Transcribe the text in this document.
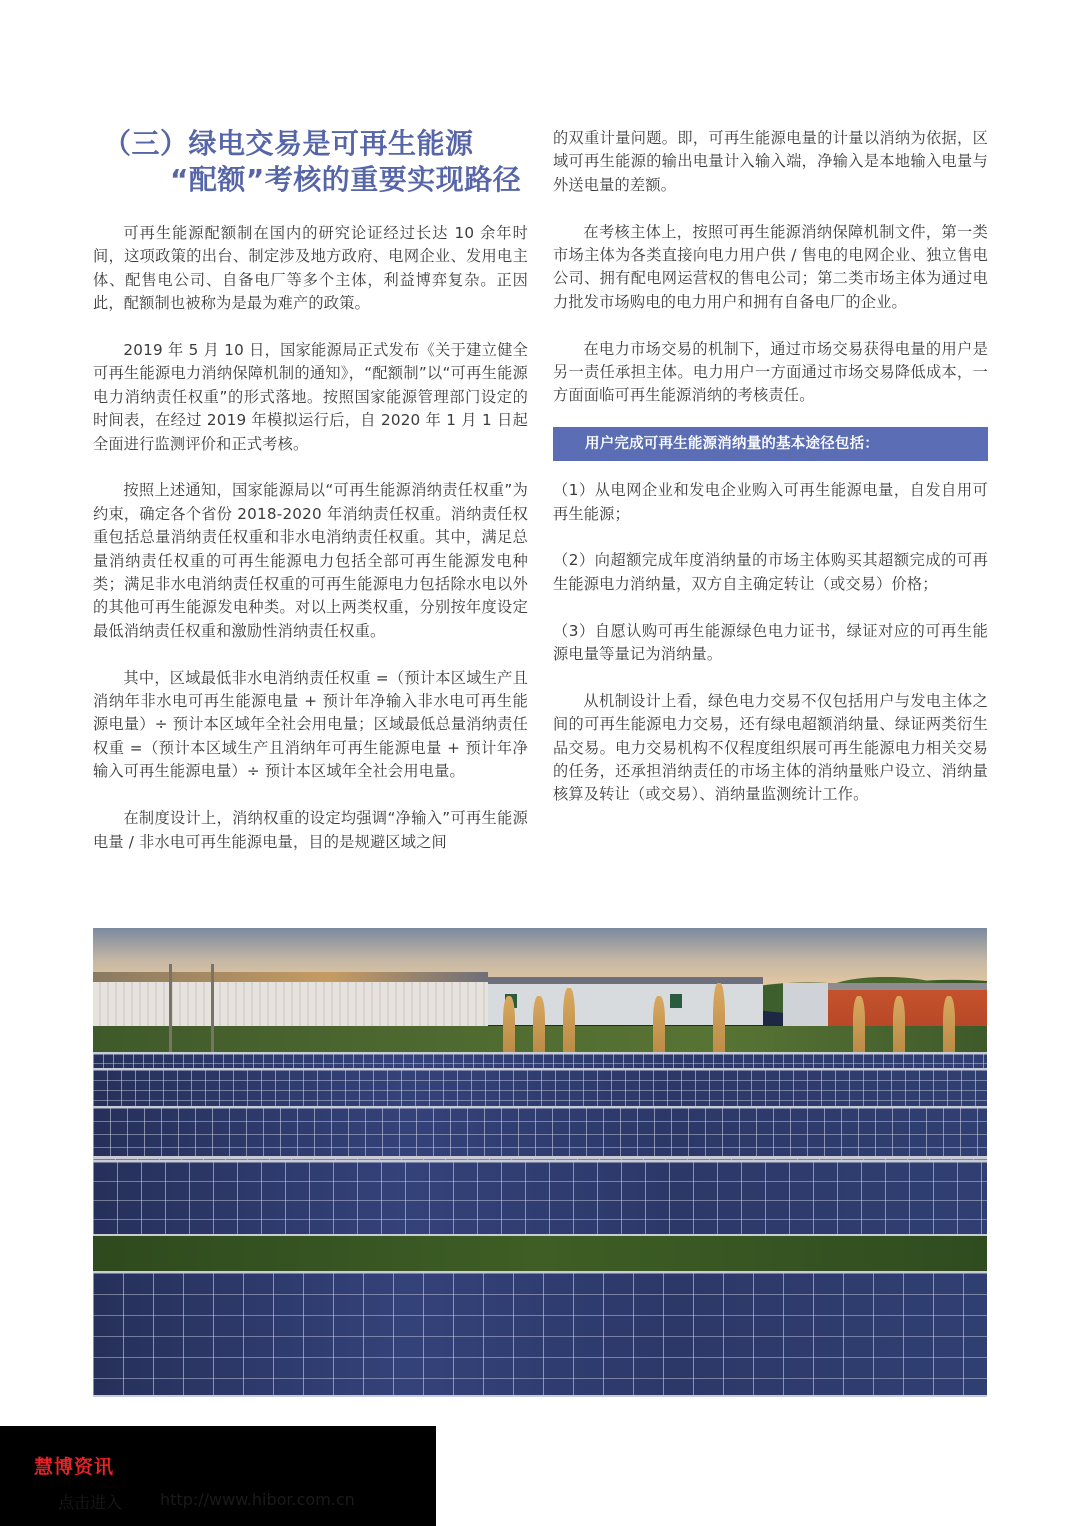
（三）绿电交易是可再生能源
“配额”考核的重要实现路径

可再生能源配额制在国内的研究论证经过长达 10 余年时间，这项政策的出台、制定涉及地方政府、电网企业、发用电主体、配售电公司、自备电厂等多个主体，利益博弈复杂。正因此，配额制也被称为是最为难产的政策。

2019 年 5 月 10 日，国家能源局正式发布《关于建立健全可再生能源电力消纳保障机制的通知》，“配额制”以“可再生能源电力消纳责任权重”的形式落地。按照国家能源管理部门设定的时间表，在经过 2019 年模拟运行后，自 2020 年 1 月 1 日起全面进行监测评价和正式考核。

按照上述通知，国家能源局以“可再生能源消纳责任权重”为约束，确定各个省份 2018-2020 年消纳责任权重。消纳责任权重包括总量消纳责任权重和非水电消纳责任权重。其中，满足总量消纳责任权重的可再生能源电力包括全部可再生能源发电种类；满足非水电消纳责任权重的可再生能源电力包括除水电以外的其他可再生能源发电种类。对以上两类权重，分别按年度设定最低消纳责任权重和激励性消纳责任权重。

其中，区域最低非水电消纳责任权重 =（预计本区域生产且消纳年非水电可再生能源电量 + 预计年净输入非水电可再生能源电量）÷ 预计本区域年全社会用电量；区域最低总量消纳责任权重 =（预计本区域生产且消纳年可再生能源电量 + 预计年净输入可再生能源电量）÷ 预计本区域年全社会用电量。

在制度设计上，消纳权重的设定均强调“净输入”可再生能源电量 / 非水电可再生能源电量，目的是规避区域之间

的双重计量问题。即，可再生能源电量的计量以消纳为依据，区域可再生能源的输出电量计入输入端，净输入是本地输入电量与外送电量的差额。

在考核主体上，按照可再生能源消纳保障机制文件，第一类市场主体为各类直接向电力用户供 / 售电的电网企业、独立售电公司、拥有配电网运营权的售电公司；第二类市场主体为通过电力批发市场购电的电力用户和拥有自备电厂的企业。

在电力市场交易的机制下，通过市场交易获得电量的用户是另一责任承担主体。电力用户一方面通过市场交易降低成本，一方面面临可再生能源消纳的考核责任。

用户完成可再生能源消纳量的基本途径包括：

（1）从电网企业和发电企业购入可再生能源电量，自发自用可再生能源；

（2）向超额完成年度消纳量的市场主体购买其超额完成的可再生能源电力消纳量，双方自主确定转让（或交易）价格；

（3）自愿认购可再生能源绿色电力证书，绿证对应的可再生能源电量等量记为消纳量。

从机制设计上看，绿色电力交易不仅包括用户与发电主体之间的可再生能源电力交易，还有绿电超额消纳量、绿证两类衍生品交易。电力交易机构不仅程度组织展可再生能源电力相关交易的任务，还承担消纳责任的市场主体的消纳量账户设立、消纳量核算及转让（或交易）、消纳量监测统计工作。

慧博资讯
点击进入 http://www.hibor.com.cn
